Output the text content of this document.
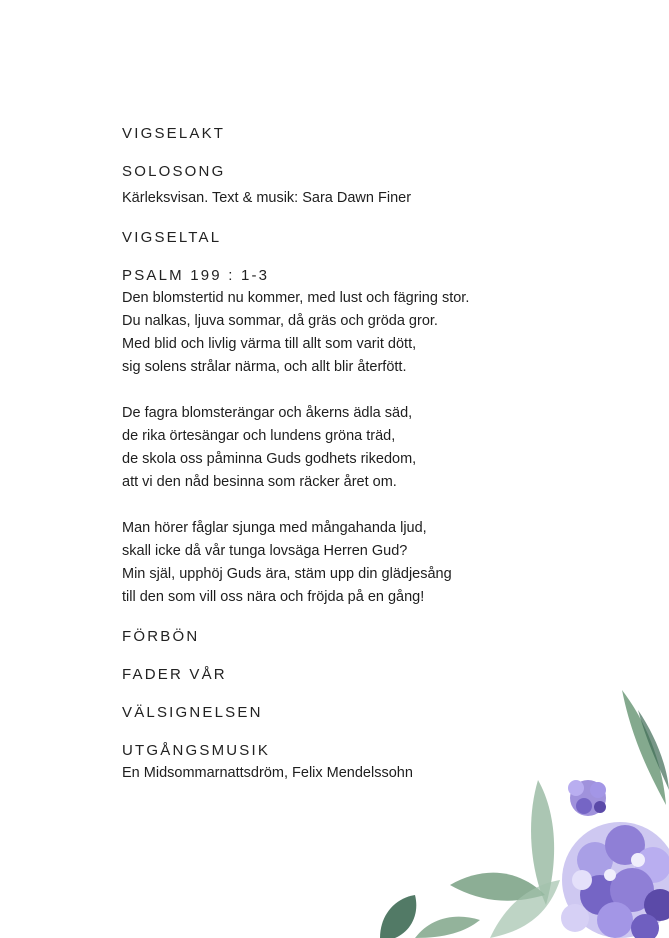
VIGSELAKT
SOLOSONG

Kärleksvisan. Text & musik: Sara Dawn Finer

VIGSELTAL
PSALM 199 : 1-3

Den blomstertid nu kommer, med lust och fägring stor.
Du nalkas, ljuva sommar, då gräs och gröda gror.
Med blid och livlig värma till allt som varit dött,
sig solens strålar närma, och allt blir återfött.

De fagra blomsterängar och åkerns ädla säd,
de rika örtesängar och lundens gröna träd,
de skola oss påminna Guds godhets rikedom,
att vi den nåd besinna som räcker året om.

Man hörer fåglar sjunga med mångahanda ljud,
skall icke då vår tunga lovsäga Herren Gud?
Min själ, upphöj Guds ära, stäm upp din glädjesång
till den som vill oss nära och fröjda på en gång!

FÖRBÖN
FADER VÅR
VÄLSIGNELSEN
UTGÅNGSMUSIK

En Midsommarnattsdröm, Felix Mendelssohn
